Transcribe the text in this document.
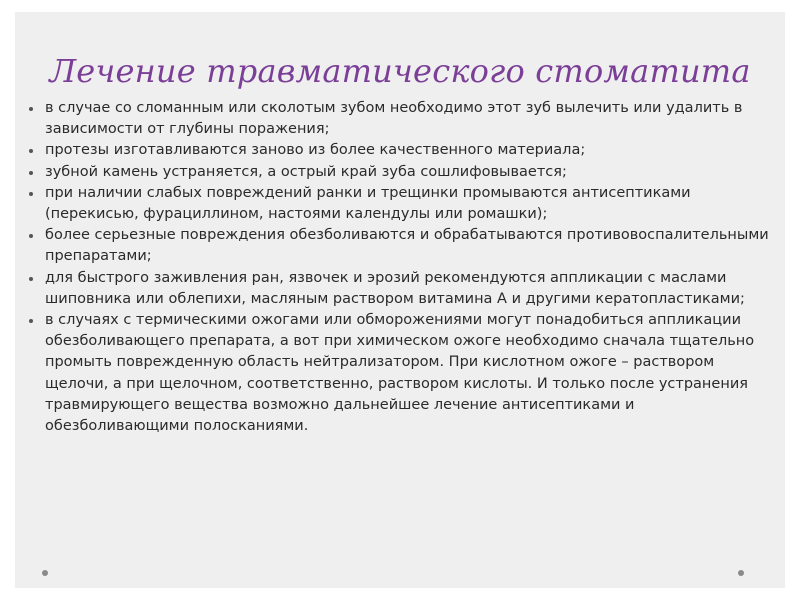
Лечение травматического стоматита
в случае со сломанным или сколотым зубом необходимо этот зуб вылечить или удалить в зависимости от глубины поражения;
протезы изготавливаются заново из более качественного материала;
зубной камень устраняется, а острый край зуба сошлифовывается;
при наличии слабых повреждений ранки и трещинки промываются антисептиками (перекисью, фурациллином, настоями календулы или ромашки);
более серьезные повреждения обезболиваются и обрабатываются противовоспалительными препаратами;
для быстрого заживления ран, язвочек и эрозий рекомендуются аппликации с маслами шиповника или облепихи, масляным раствором витамина А и другими кератопластиками;
в случаях с термическими ожогами или обморожениями могут понадобиться аппликации обезболивающего препарата, а вот при химическом ожоге необходимо сначала тщательно промыть поврежденную область нейтрализатором. При кислотном ожоге – раствором щелочи, а при щелочном, соответственно, раствором кислоты. И только после устранения травмирующего вещества возможно дальнейшее лечение антисептиками и обезболивающими полосканиями.
